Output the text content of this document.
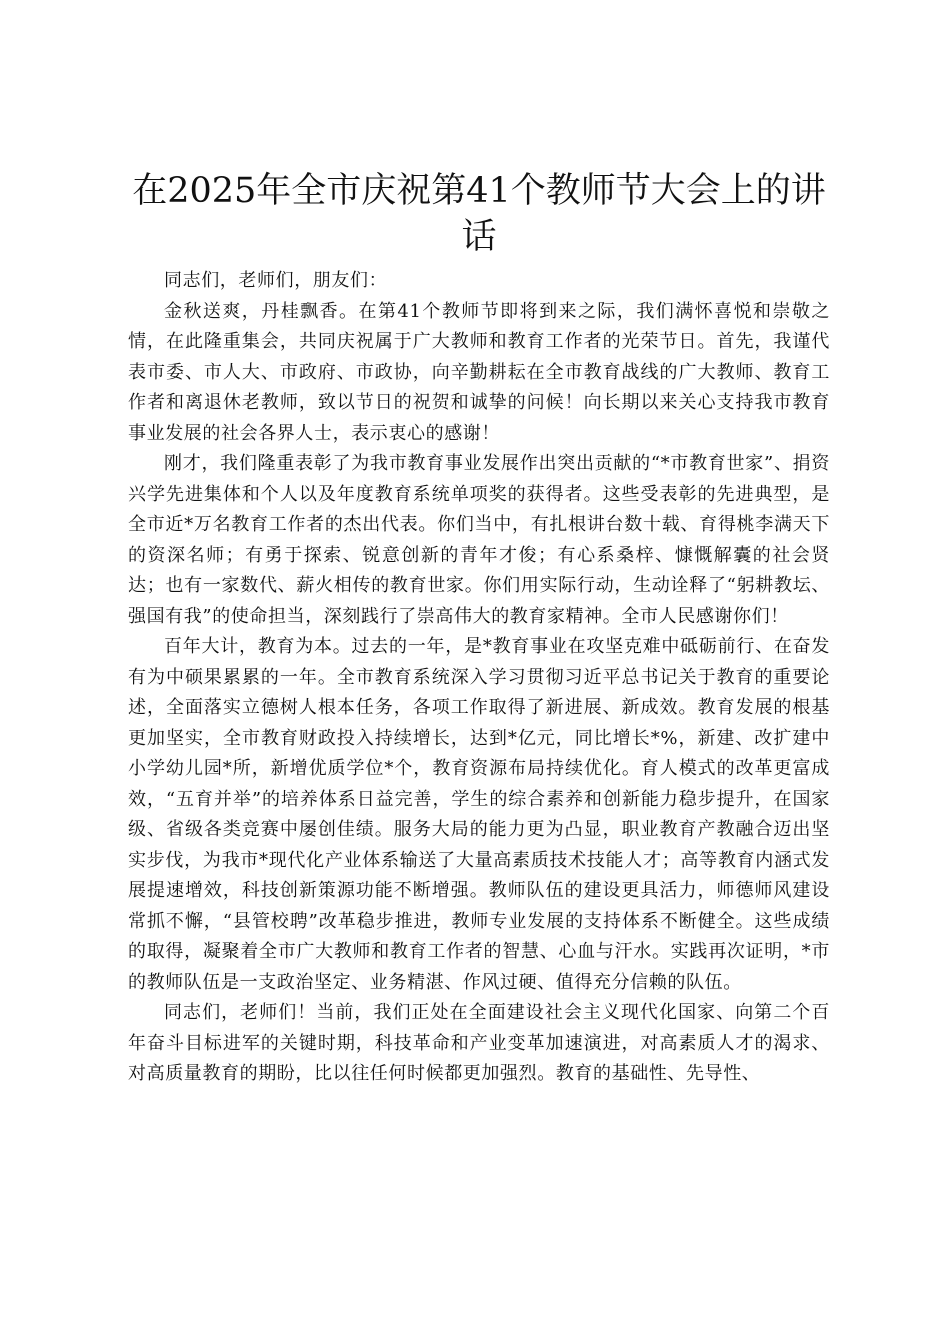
在2025年全市庆祝第41个教师节大会上的讲话

同志们，老师们，朋友们：

金秋送爽，丹桂飘香。在第41个教师节即将到来之际，我们满怀喜悦和崇敬之情，在此隆重集会，共同庆祝属于广大教师和教育工作者的光荣节日。首先，我谨代表市委、市人大、市政府、市政协，向辛勤耕耘在全市教育战线的广大教师、教育工作者和离退休老教师，致以节日的祝贺和诚挚的问候！向长期以来关心支持我市教育事业发展的社会各界人士，表示衷心的感谢！

刚才，我们隆重表彰了为我市教育事业发展作出突出贡献的“*市教育世家”、捐资兴学先进集体和个人以及年度教育系统单项奖的获得者。这些受表彰的先进典型，是全市近*万名教育工作者的杰出代表。你们当中，有扎根讲台数十载、育得桃李满天下的资深名师；有勇于探索、锐意创新的青年才俊；有心系桑梓、慷慨解囊的社会贤达；也有一家数代、薪火相传的教育世家。你们用实际行动，生动诠释了“躬耕教坛、强国有我”的使命担当，深刻践行了崇高伟大的教育家精神。全市人民感谢你们！

百年大计，教育为本。过去的一年，是*教育事业在攻坚克难中砥砺前行、在奋发有为中硕果累累的一年。全市教育系统深入学习贯彻习近平总书记关于教育的重要论述，全面落实立德树人根本任务，各项工作取得了新进展、新成效。教育发展的根基更加坚实，全市教育财政投入持续增长，达到*亿元，同比增长*%，新建、改扩建中小学幼儿园*所，新增优质学位*个，教育资源布局持续优化。育人模式的改革更富成效，“五育并举”的培养体系日益完善，学生的综合素养和创新能力稳步提升，在国家级、省级各类竞赛中屡创佳绩。服务大局的能力更为凸显，职业教育产教融合迈出坚实步伐，为我市*现代化产业体系输送了大量高素质技术技能人才；高等教育内涵式发展提速增效，科技创新策源功能不断增强。教师队伍的建设更具活力，师德师风建设常抓不懈，“县管校聘”改革稳步推进，教师专业发展的支持体系不断健全。这些成绩的取得，凝聚着全市广大教师和教育工作者的智慧、心血与汗水。实践再次证明，*市的教师队伍是一支政治坚定、业务精湛、作风过硬、值得充分信赖的队伍。

同志们，老师们！当前，我们正处在全面建设社会主义现代化国家、向第二个百年奋斗目标进军的关键时期，科技革命和产业变革加速演进，对高素质人才的渴求、对高质量教育的期盼，比以往任何时候都更加强烈。教育的基础性、先导性、
